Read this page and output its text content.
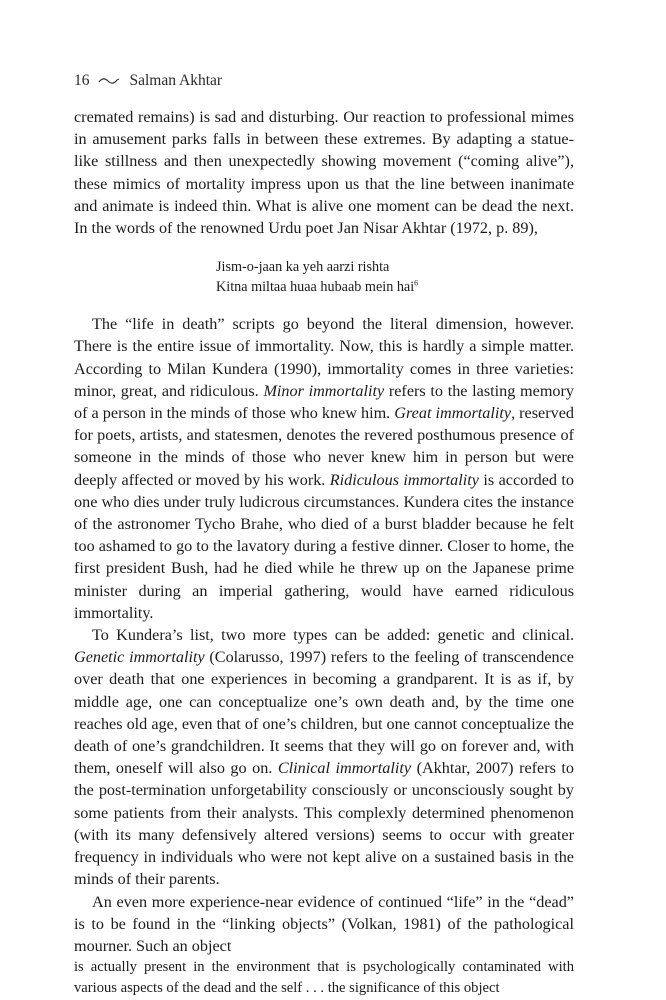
16	Salman Akhtar

cremated remains) is sad and disturbing. Our reaction to professional mimes in amusement parks falls in between these extremes. By adapting a statue-like stillness and then unexpectedly showing movement (“coming alive”), these mimics of mortality impress upon us that the line between inanimate and animate is indeed thin. What is alive one moment can be dead the next. In the words of the renowned Urdu poet Jan Nisar Akhtar (1972, p. 89),

Jism-o-jaan ka yeh aarzi rishta
Kitna miltaa huaa hubaab mein hai$^6$

The “life in death” scripts go beyond the literal dimension, however. There is the entire issue of immortality. Now, this is hardly a simple matter. According to Milan Kundera (1990), immortality comes in three varieties: minor, great, and ridiculous. Minor immortality refers to the lasting memory of a person in the minds of those who knew him. Great immortality, reserved for poets, artists, and statesmen, denotes the revered posthumous presence of someone in the minds of those who never knew him in person but were deeply affected or moved by his work. Ridiculous immortality is accorded to one who dies under truly ludicrous circumstances. Kundera cites the instance of the astronomer Tycho Brahe, who died of a burst bladder because he felt too ashamed to go to the lavatory during a festive dinner. Closer to home, the first president Bush, had he died while he threw up on the Japanese prime minister during an imperial gathering, would have earned ridiculous immortality.

To Kundera’s list, two more types can be added: genetic and clinical. Genetic immortality (Colarusso, 1997) refers to the feeling of transcendence over death that one experiences in becoming a grandparent. It is as if, by middle age, one can conceptualize one’s own death and, by the time one reaches old age, even that of one’s children, but one cannot conceptualize the death of one’s grandchildren. It seems that they will go on forever and, with them, oneself will also go on. Clinical immortality (Akhtar, 2007) refers to the post-termination unforgetability consciously or unconsciously sought by some patients from their analysts. This complexly determined phenomenon (with its many defensively altered versions) seems to occur with greater frequency in individuals who were not kept alive on a sustained basis in the minds of their parents.

An even more experience-near evidence of continued “life” in the “dead” is to be found in the “linking objects” (Volkan, 1981) of the pathological mourner. Such an object

is actually present in the environment that is psychologically contaminated with various aspects of the dead and the self . . . the significance of this object
